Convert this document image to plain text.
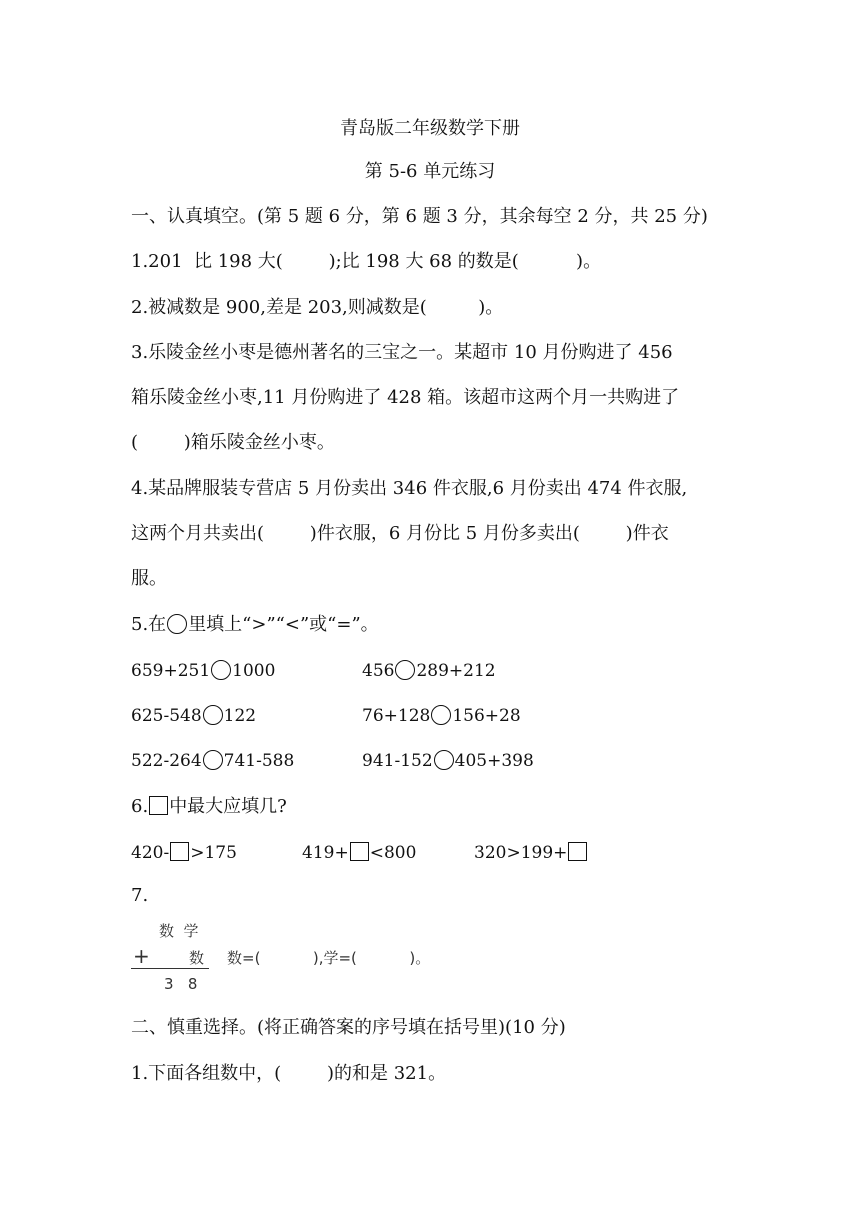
青岛版二年级数学下册
第 5-6 单元练习
一、认真填空。(第 5 题 6 分，第 6 题 3 分，其余每空 2 分，共 25 分)
1.201  比 198 大(        );比 198 大 68 的数是(          )。
2.被减数是 900,差是 203,则减数是(         )。
3.乐陵金丝小枣是德州著名的三宝之一。某超市 10 月份购进了 456
箱乐陵金丝小枣,11 月份购进了 428 箱。该超市这两个月一共购进了
(        )箱乐陵金丝小枣。
4.某品牌服装专营店 5 月份卖出 346 件衣服,6 月份卖出 474 件衣服,
这两个月共卖出(        )件衣服，6 月份比 5 月份多卖出(        )件衣
服。
5.在 里填上“>”“<”或“=”。
659+251 1000	456 289+212
625-548 122	76+128 156+28
522-264 741-588	941-152 405+398
6. 中最大应填几?
420- >175	419+ <800	320>199+
7.
数  学
+	数
3   8
数=(           ),学=(           )。
二、慎重选择。(将正确答案的序号填在括号里)(10 分)
1.下面各组数中，(        )的和是 321。
